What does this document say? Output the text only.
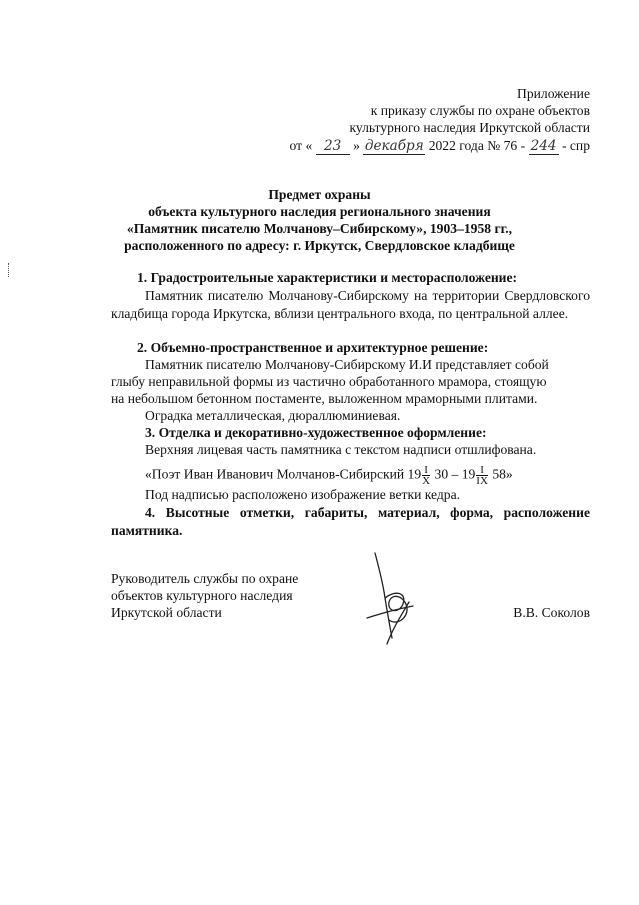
Приложение
к приказу службы по охране объектов
культурного наследия Иркутской области
от « 23 » декабря 2022 года № 76 - 244 - спр
Предмет охраны
объекта культурного наследия регионального значения
«Памятник писателю Молчанову–Сибирскому», 1903–1958 гг.,
расположенного по адресу: г. Иркутск, Свердловское кладбище
1. Градостроительные характеристики и месторасположение:
Памятник писателю Молчанову-Сибирскому на территории Свердловского кладбища города Иркутска, вблизи центрального входа, по центральной аллее.
2. Объемно-пространственное и архитектурное решение:
Памятник писателю Молчанову-Сибирскому И.И представляет собой
глыбу неправильной формы из частично обработанного мрамора, стоящую
на небольшом бетонном постаменте, выложенном мраморными плитами.
Оградка металлическая, дюраллюминиевая.
3. Отделка и декоративно-художественное оформление:
Верхняя лицевая часть памятника с текстом надписи отшлифована.
«Поэт Иван Иванович Молчанов-Сибирский $19 \frac{I}{X} 30 - 19 \frac{I}{IX} 58$»
Под надписью расположено изображение ветки кедра.
4. Высотные отметки, габариты, материал, форма, расположение памятника.
Руководитель службы по охране
объектов культурного наследия
Иркутской области	В.В. Соколов
